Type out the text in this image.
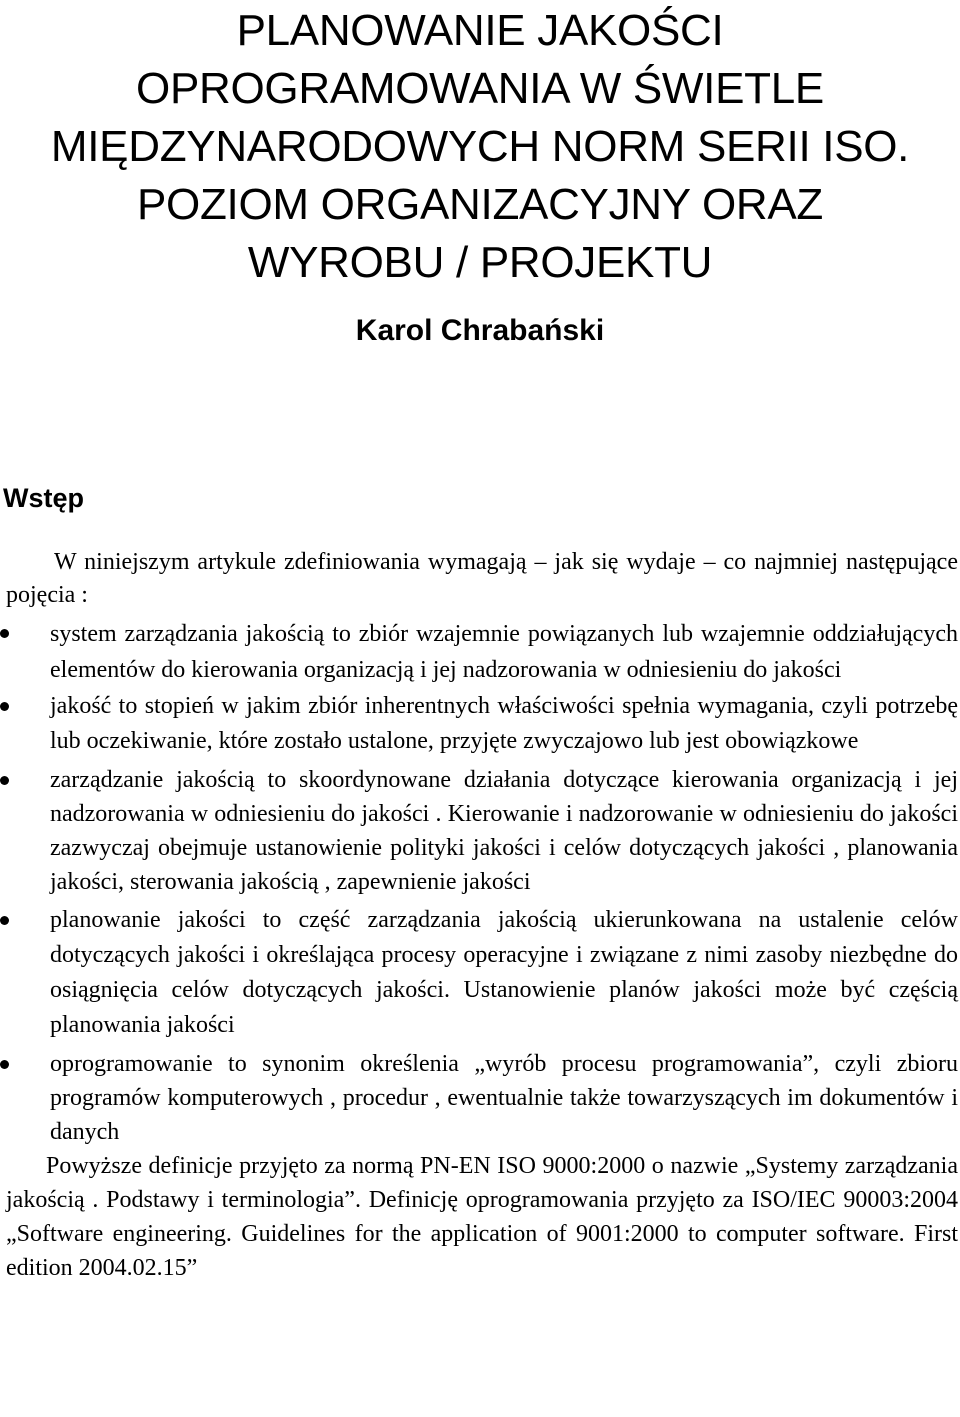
PLANOWANIE JAKOŚCI
OPROGRAMOWANIA W ŚWIETLE
MIĘDZYNARODOWYCH NORM SERII ISO.
POZIOM ORGANIZACYJNY ORAZ
WYROBU / PROJEKTU
Karol Chrabański
Wstęp

W niniejszym artykule zdefiniowania wymagają – jak się wydaje – co najmniej następujące pojęcia :

system zarządzania jakością to zbiór wzajemnie powiązanych lub wzajemnie oddziałujących elementów do kierowania organizacją i jej nadzorowania w odniesieniu do jakości
jakość to stopień w jakim zbiór inherentnych właściwości spełnia wymagania, czyli potrzebę lub oczekiwanie, które zostało ustalone, przyjęte zwyczajowo lub jest obowiązkowe
zarządzanie jakością to skoordynowane działania dotyczące kierowania organizacją i jej nadzorowania w odniesieniu do jakości . Kierowanie i nadzorowanie w odniesieniu do jakości zazwyczaj obejmuje ustanowienie polityki jakości i celów dotyczących jakości , planowania jakości, sterowania jakością , zapewnienie jakości
planowanie jakości to część zarządzania jakością ukierunkowana na ustalenie celów dotyczących jakości i określająca procesy operacyjne i związane z nimi zasoby niezbędne do osiągnięcia celów dotyczących jakości. Ustanowienie planów jakości może być częścią planowania jakości
oprogramowanie to synonim określenia „wyrób procesu programowania”, czyli zbioru programów komputerowych , procedur , ewentualnie także towarzyszących im dokumentów i danych

Powyższe definicje przyjęto za normą PN-EN ISO 9000:2000 o nazwie „Systemy zarządzania jakością . Podstawy i terminologia”. Definicję oprogramowania przyjęto za ISO/IEC 90003:2004 „Software engineering. Guidelines for the application of 9001:2000 to computer software. First edition 2004.02.15”
